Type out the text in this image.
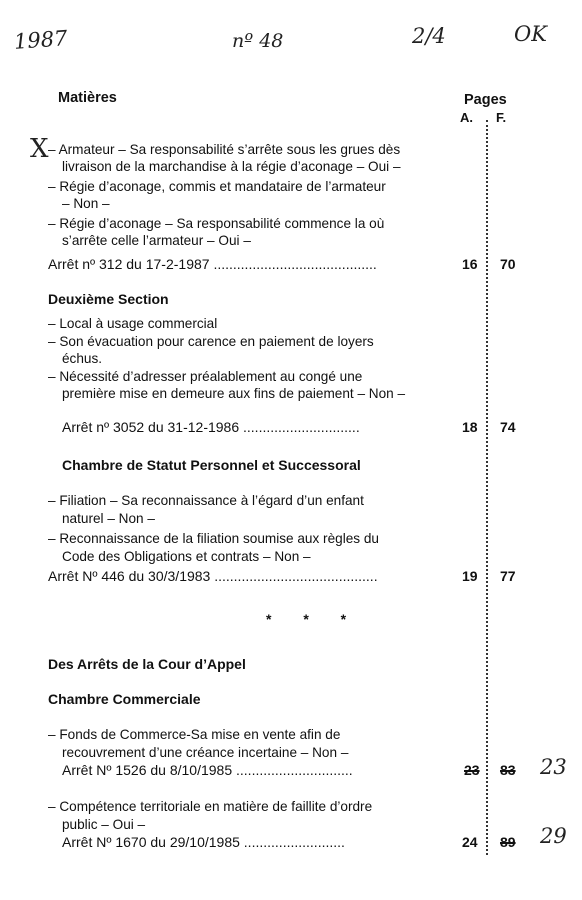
1987	nº 48	2/4	OK
X
Matières	Pages
A. F.
– Armateur – Sa responsabilité s’arrête sous les grues dès
livraison de la marchandise à la régie d’aconage – Oui –
– Régie d’aconage, commis et mandataire de l’armateur
– Non –
– Régie d’aconage – Sa responsabilité commence la où
s’arrête celle l’armateur – Oui –
Arrêt nº 312 du 17-2-1987 ..........................................	16 70
Deuxième Section
– Local à usage commercial
– Son évacuation pour carence en paiement de loyers
échus.
– Nécessité d’adresser préalablement au congé une
première mise en demeure aux fins de paiement – Non –
Arrêt nº 3052 du 31-12-1986 ..............................	18 74
Chambre de Statut Personnel et Successoral
– Filiation – Sa reconnaissance à l’égard d’un enfant
naturel – Non –
– Reconnaissance de la filiation soumise aux règles du
Code des Obligations et contrats – Non –
Arrêt Nº 446 du 30/3/1983 ..........................................	19 77
* * *
Des Arrêts de la Cour d’Appel
Chambre Commerciale
– Fonds de Commerce-Sa mise en vente afin de
recouvrement d’une créance incertaine – Non –
Arrêt Nº 1526 du 8/10/1985 ..............................	23 83 23
– Compétence territoriale en matière de faillite d’ordre
public – Oui –
Arrêt Nº 1670 du 29/10/1985 ..........................	24 89 29
